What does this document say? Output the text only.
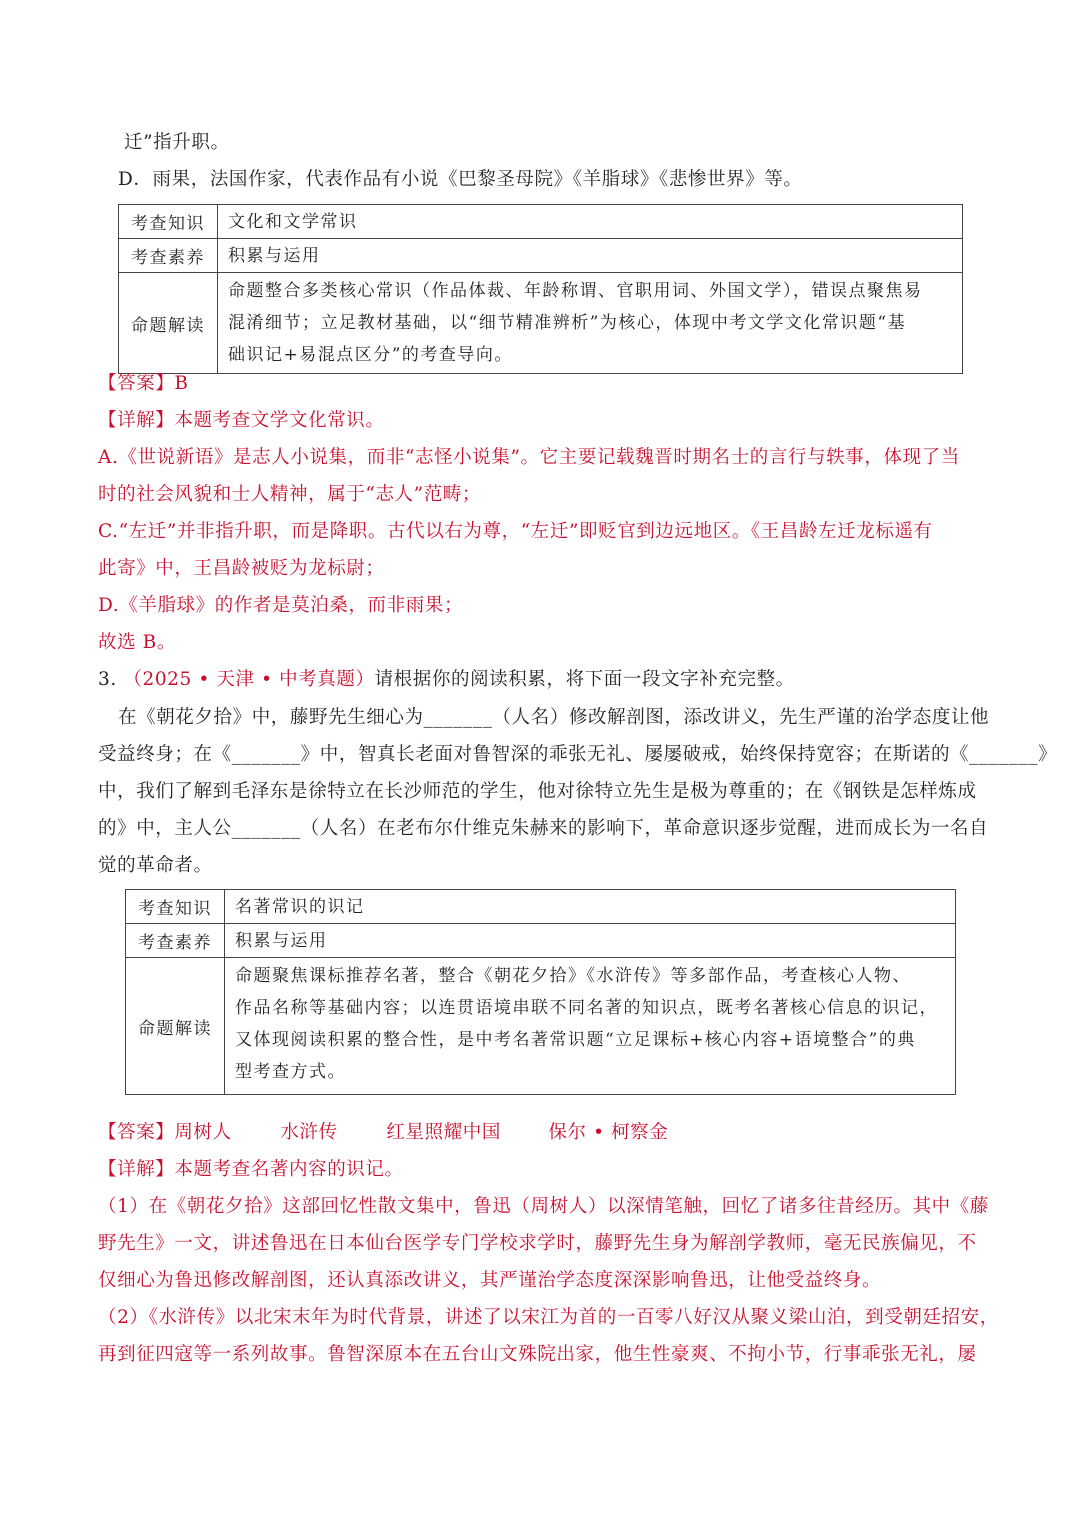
迁”指升职。
D．雨果，法国作家，代表作品有小说《巴黎圣母院》《羊脂球》《悲惨世界》等。
考查知识	文化和文学常识
考查素养	积累与运用
命题解读	命题整合多类核心常识（作品体裁、年龄称谓、官职用词、外国文学），错误点聚焦易
混淆细节；立足教材基础，以“细节精准辨析”为核心，体现中考文学文化常识题“基
础识记+易混点区分”的考查导向。
【答案】B
【详解】本题考查文学文化常识。
A.《世说新语》是志人小说集，而非“志怪小说集”。它主要记载魏晋时期名士的言行与轶事，体现了当
时的社会风貌和士人精神，属于“志人”范畴；
C.“左迁”并非指升职，而是降职。古代以右为尊，“左迁”即贬官到边远地区。《王昌龄左迁龙标遥有
此寄》中，王昌龄被贬为龙标尉；
D.《羊脂球》的作者是莫泊桑，而非雨果；
故选 B。
3. （2025 • 天津 • 中考真题）请根据你的阅读积累，将下面一段文字补充完整。
在《朝花夕拾》中，藤野先生细心为_______（人名）修改解剖图，添改讲义，先生严谨的治学态度让他
受益终身；在《_______》中，智真长老面对鲁智深的乖张无礼、屡屡破戒，始终保持宽容；在斯诺的《_______》
中，我们了解到毛泽东是徐特立在长沙师范的学生，他对徐特立先生是极为尊重的；在《钢铁是怎样炼成
的》中，主人公_______（人名）在老布尔什维克朱赫来的影响下，革命意识逐步觉醒，进而成长为一名自
觉的革命者。
考查知识	名著常识的识记
考查素养	积累与运用
命题解读	命题聚焦课标推荐名著，整合《朝花夕拾》《水浒传》等多部作品，考查核心人物、
作品名称等基础内容；以连贯语境串联不同名著的知识点，既考名著核心信息的识记，
又体现阅读积累的整合性，是中考名著常识题“立足课标+核心内容+语境整合”的典
型考查方式。
【答案】周树人	水浒传	红星照耀中国	保尔 • 柯察金
【详解】本题考查名著内容的识记。
（1）在《朝花夕拾》这部回忆性散文集中，鲁迅（周树人）以深情笔触，回忆了诸多往昔经历。其中《藤
野先生》一文，讲述鲁迅在日本仙台医学专门学校求学时，藤野先生身为解剖学教师，毫无民族偏见，不
仅细心为鲁迅修改解剖图，还认真添改讲义，其严谨治学态度深深影响鲁迅，让他受益终身。
（2）《水浒传》以北宋末年为时代背景，讲述了以宋江为首的一百零八好汉从聚义梁山泊，到受朝廷招安，
再到征四寇等一系列故事。鲁智深原本在五台山文殊院出家，他生性豪爽、不拘小节，行事乖张无礼，屡
